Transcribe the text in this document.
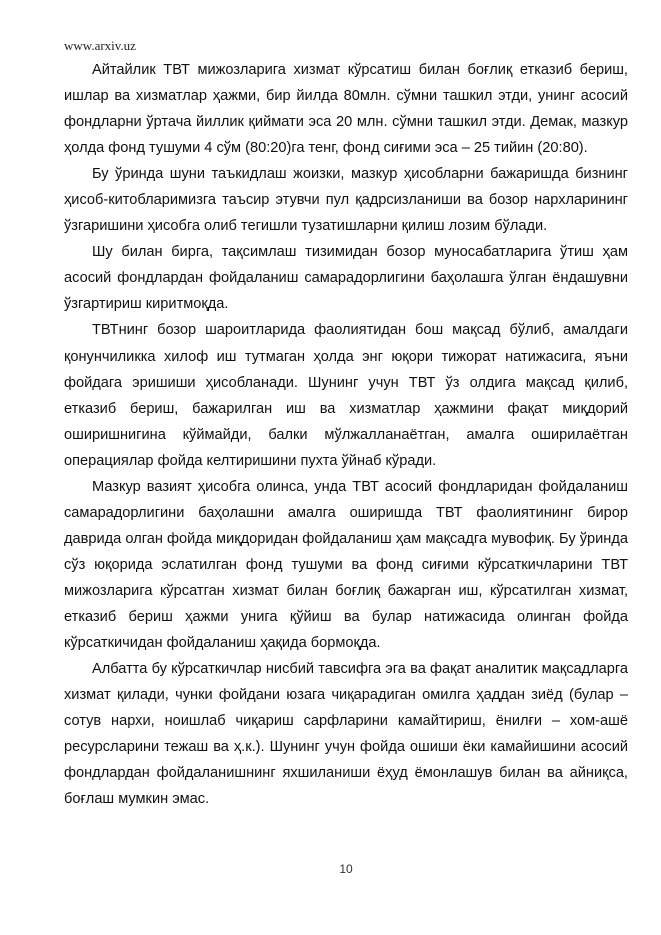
www.arxiv.uz

Айтайлик ТВТ мижозларига хизмат кўрсатиш билан боғлиқ етказиб бериш, ишлар ва хизматлар ҳажми, бир йилда 80млн. сўмни ташкил этди, унинг асосий фондларни ўртача йиллик қиймати эса 20 млн. сўмни ташкил этди. Демак, мазкур ҳолда фонд тушуми 4 сўм (80:20)га тенг, фонд сиғими эса – 25 тийин (20:80).

Бу ўринда шуни таъкидлаш жоизки, мазкур ҳисобларни бажаришда бизнинг ҳисоб-китобларимизга таъсир этувчи пул қадрсизланиши ва бозор нархларининг ўзгаришини ҳисобга олиб тегишли тузатишларни қилиш лозим бўлади.

Шу билан бирга, тақсимлаш тизимидан бозор муносабатларига ўтиш ҳам асосий фондлардан фойдаланиш самарадорлигини баҳолашга ўлган ёндашувни ўзгартириш киритмоқда.

ТВТнинг бозор шароитларида фаолиятидан бош мақсад бўлиб, амалдаги қонунчиликка хилоф иш тутмаган ҳолда энг юқори тижорат натижасига, яъни фойдага эришиши ҳисобланади. Шунинг учун ТВТ ўз олдига мақсад қилиб, етказиб бериш, бажарилган иш ва хизматлар ҳажмини фақат миқдорий оширишнигина кўймайди, балки мўлжалланаётган, амалга оширилаётган операциялар фойда келтиришини пухта ўйнаб кўради.

Мазкур вазият ҳисобга олинса, унда ТВТ асосий фондларидан фойдаланиш самарадорлигини баҳолашни амалга оширишда ТВТ фаолиятининг бирор даврида олган фойда миқдоридан фойдаланиш ҳам мақсадга мувофиқ. Бу ўринда сўз юқорида эслатилган фонд тушуми ва фонд сиғими кўрсаткичларини ТВТ мижозларига кўрсатган хизмат билан боғлиқ бажарган иш, кўрсатилган хизмат, етказиб бериш ҳажми унига қўйиш ва булар натижасида олинган фойда кўрсаткичидан фойдаланиш ҳақида бормоқда.

Албатта бу кўрсаткичлар нисбий тавсифга эга ва фақат аналитик мақсадларга хизмат қилади, чунки фойдани юзага чиқарадиган омилга ҳаддан зиёд (булар – сотув нархи, ноишлаб чиқариш сарфларини камайтириш, ёнилғи – хом-ашё ресурсларини тежаш ва ҳ.к.). Шунинг учун фойда ошиши ёки камайишини асосий фондлардан фойдаланишнинг яхшиланиши ёҳуд ёмонлашув билан ва айниқса, боғлаш мумкин эмас.

10
